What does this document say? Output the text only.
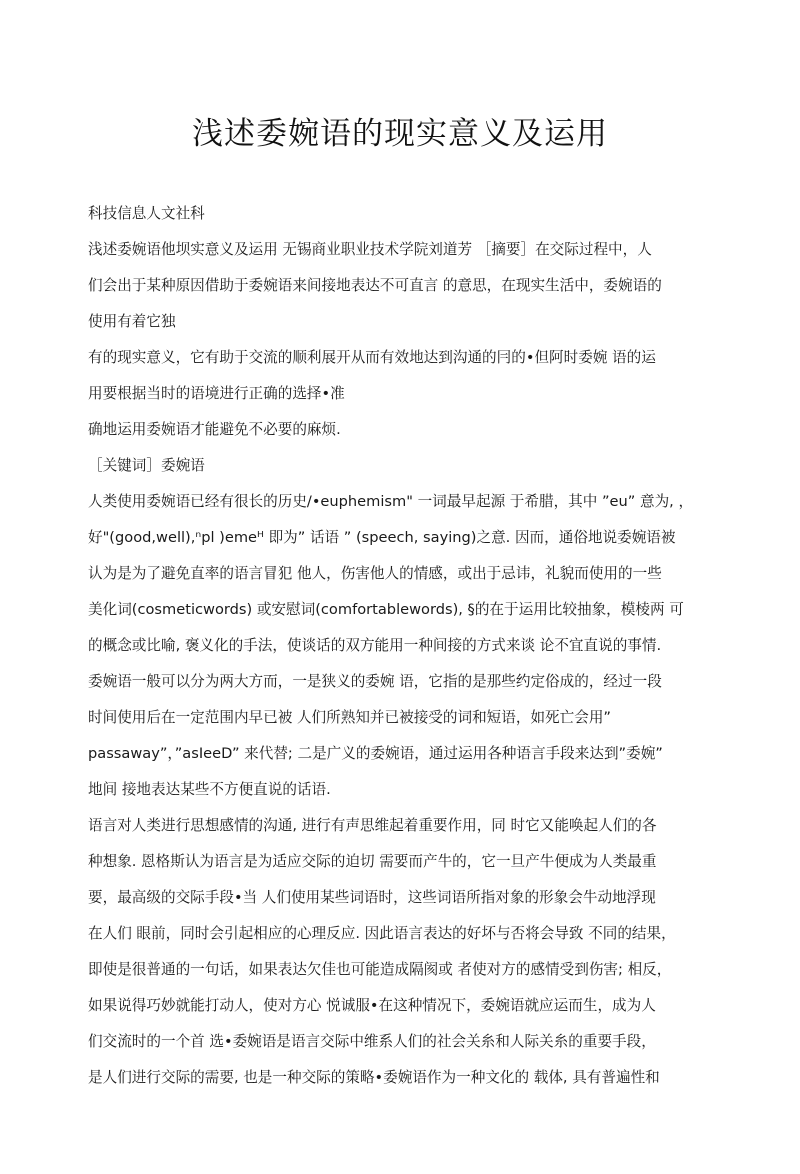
浅述委婉语的现实意义及运用
科技信息人文社科
浅述委婉语他坝实意义及运用 无锡商业职业技术学院刘道芳 ［摘要］在交际过程中，人
们会出于某种原因借助于委婉语来间接地表达不可直言 的意思，在现实生活中，委婉语的
使用有着它独
有的现实意义，它有助于交流的顺利展开从而有效地达到沟通的冃的•但阿时委婉 语的运
用要根据当时的语境进行正确的选择•准
确地运用委婉语才能避免不必要的麻烦.
［关键词］委婉语
人类使用委婉语已经有很长的历史/•euphemism" 一词最早起源 于希腊，其中 ”eu” 意为, ，
好"(good,well),ⁿpl )emeᴴ 即为” 话语 ” (speech, saying)之意. 因而，通俗地说委婉语被
认为是为了避免直率的语言冒犯 他人，伤害他人的情感，或出于忌讳，礼貌而使用的一些
美化词(cosmeticwords) 或安慰词(comfortablewords), §的在于运用比较抽象，模棱两 可
的概念或比喻, 褒义化的手法，使谈话的双方能用一种间接的方式来谈 论不宜直说的事情.
委婉语一般可以分为两大方而，一是狭义的委婉 语，它指的是那些约定俗成的，经过一段
时间使用后在一定范围内早已被 人们所熟知并已被接受的词和短语，如死亡会用”
passaway”，”asIeeD” 来代替; 二是广义的委婉语，通过运用各种语言手段来达到”委婉”
地间 接地表达某些不方便直说的话语.
语言对人类进行思想感情的沟通, 进行有声思维起着重要作用，同 时它又能唤起人们的各
种想象. 恩格斯认为语言是为适应交际的迫切 需要而产牛的，它一旦产牛便成为人类最重
要，最高级的交际手段•当 人们使用某些词语时，这些词语所指对象的形象会牛动地浮现
在人们 眼前，同时会引起相应的心理反应. 因此语言表达的好坏与否将会导致 不同的结果，
即使是很普通的一句话，如果表达欠佳也可能造成隔阂或 者使对方的感情受到伤害; 相反，
如果说得巧妙就能打动人，使对方心 悦诚服•在这种情况下，委婉语就应运而生，成为人
们交流时的一个首 选•委婉语是语言交际中维系人们的社会关糸和人际关糸的重要手段，
是人们进行交际的需要, 也是一种交际的策略•委婉语作为一种文化的 载体, 具有普遍性和
